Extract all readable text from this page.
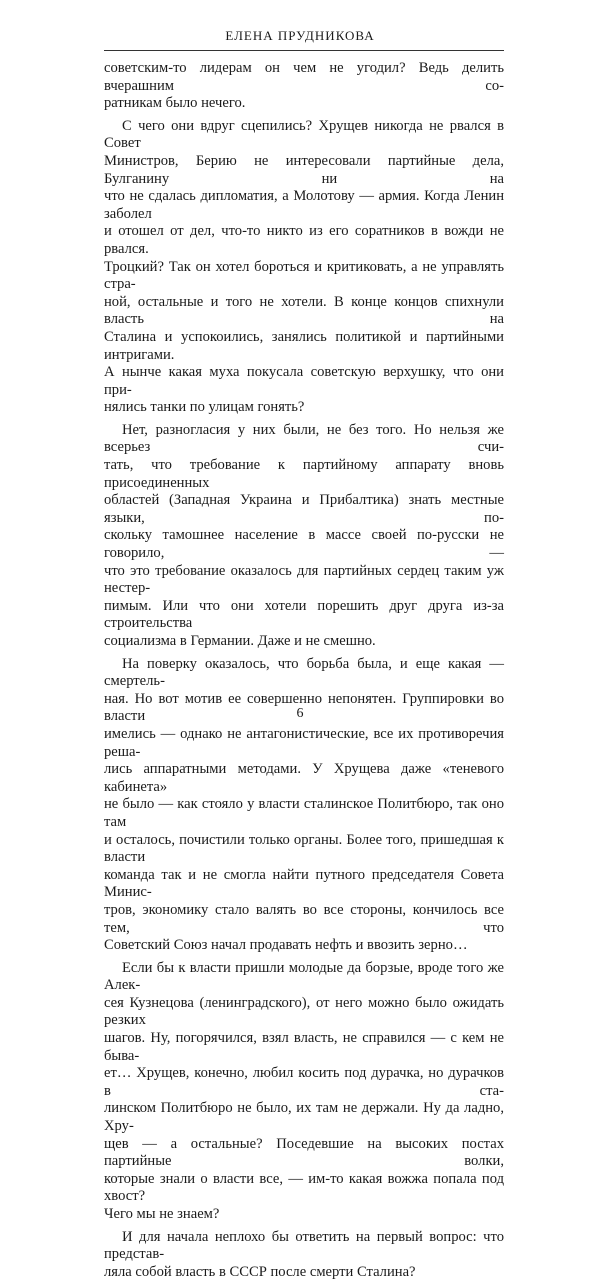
ЕЛЕНА ПРУДНИКОВА
советским-то лидерам он чем не угодил? Ведь делить вчерашним со-
ратникам было нечего.
С чего они вдруг сцепились? Хрущев никогда не рвался в Совет
Министров, Берию не интересовали партийные дела, Булганину ни на
что не сдалась дипломатия, а Молотову — армия. Когда Ленин заболел
и отошел от дел, что-то никто из его соратников в вожди не рвался.
Троцкий? Так он хотел бороться и критиковать, а не управлять стра-
ной, остальные и того не хотели. В конце концов спихнули власть на
Сталина и успокоились, занялись политикой и партийными интригами.
А нынче какая муха покусала советскую верхушку, что они при-
нялись танки по улицам гонять?
Нет, разногласия у них были, не без того. Но нельзя же всерьез счи-
тать, что требование к партийному аппарату вновь присоединенных
областей (Западная Украина и Прибалтика) знать местные языки, по-
скольку тамошнее население в массе своей по-русски не говорило, —
что это требование оказалось для партийных сердец таким уж нестер-
пимым. Или что они хотели порешить друг друга из-за строительства
социализма в Германии. Даже и не смешно.
На поверку оказалось, что борьба была, и еще какая — смертель-
ная. Но вот мотив ее совершенно непонятен. Группировки во власти
имелись — однако не антагонистические, все их противоречия реша-
лись аппаратными методами. У Хрущева даже «теневого кабинета»
не было — как стояло у власти сталинское Политбюро, так оно там
и осталось, почистили только органы. Более того, пришедшая к власти
команда так и не смогла найти путного председателя Совета Минис-
тров, экономику стало валять во все стороны, кончилось все тем, что
Советский Союз начал продавать нефть и ввозить зерно…
Если бы к власти пришли молодые да борзые, вроде того же Алек-
сея Кузнецова (ленинградского), от него можно было ожидать резких
шагов. Ну, погорячился, взял власть, не справился — с кем не быва-
ет… Хрущев, конечно, любил косить под дурачка, но дурачков в ста-
линском Политбюро не было, их там не держали. Ну да ладно, Хру-
щев — а остальные? Поседевшие на высоких постах партийные волки,
которые знали о власти все, — им-то какая вожжа попала под хвост?
Чего мы не знаем?
И для начала неплохо бы ответить на первый вопрос: что представ-
ляла собой власть в СССР после смерти Сталина?
6
